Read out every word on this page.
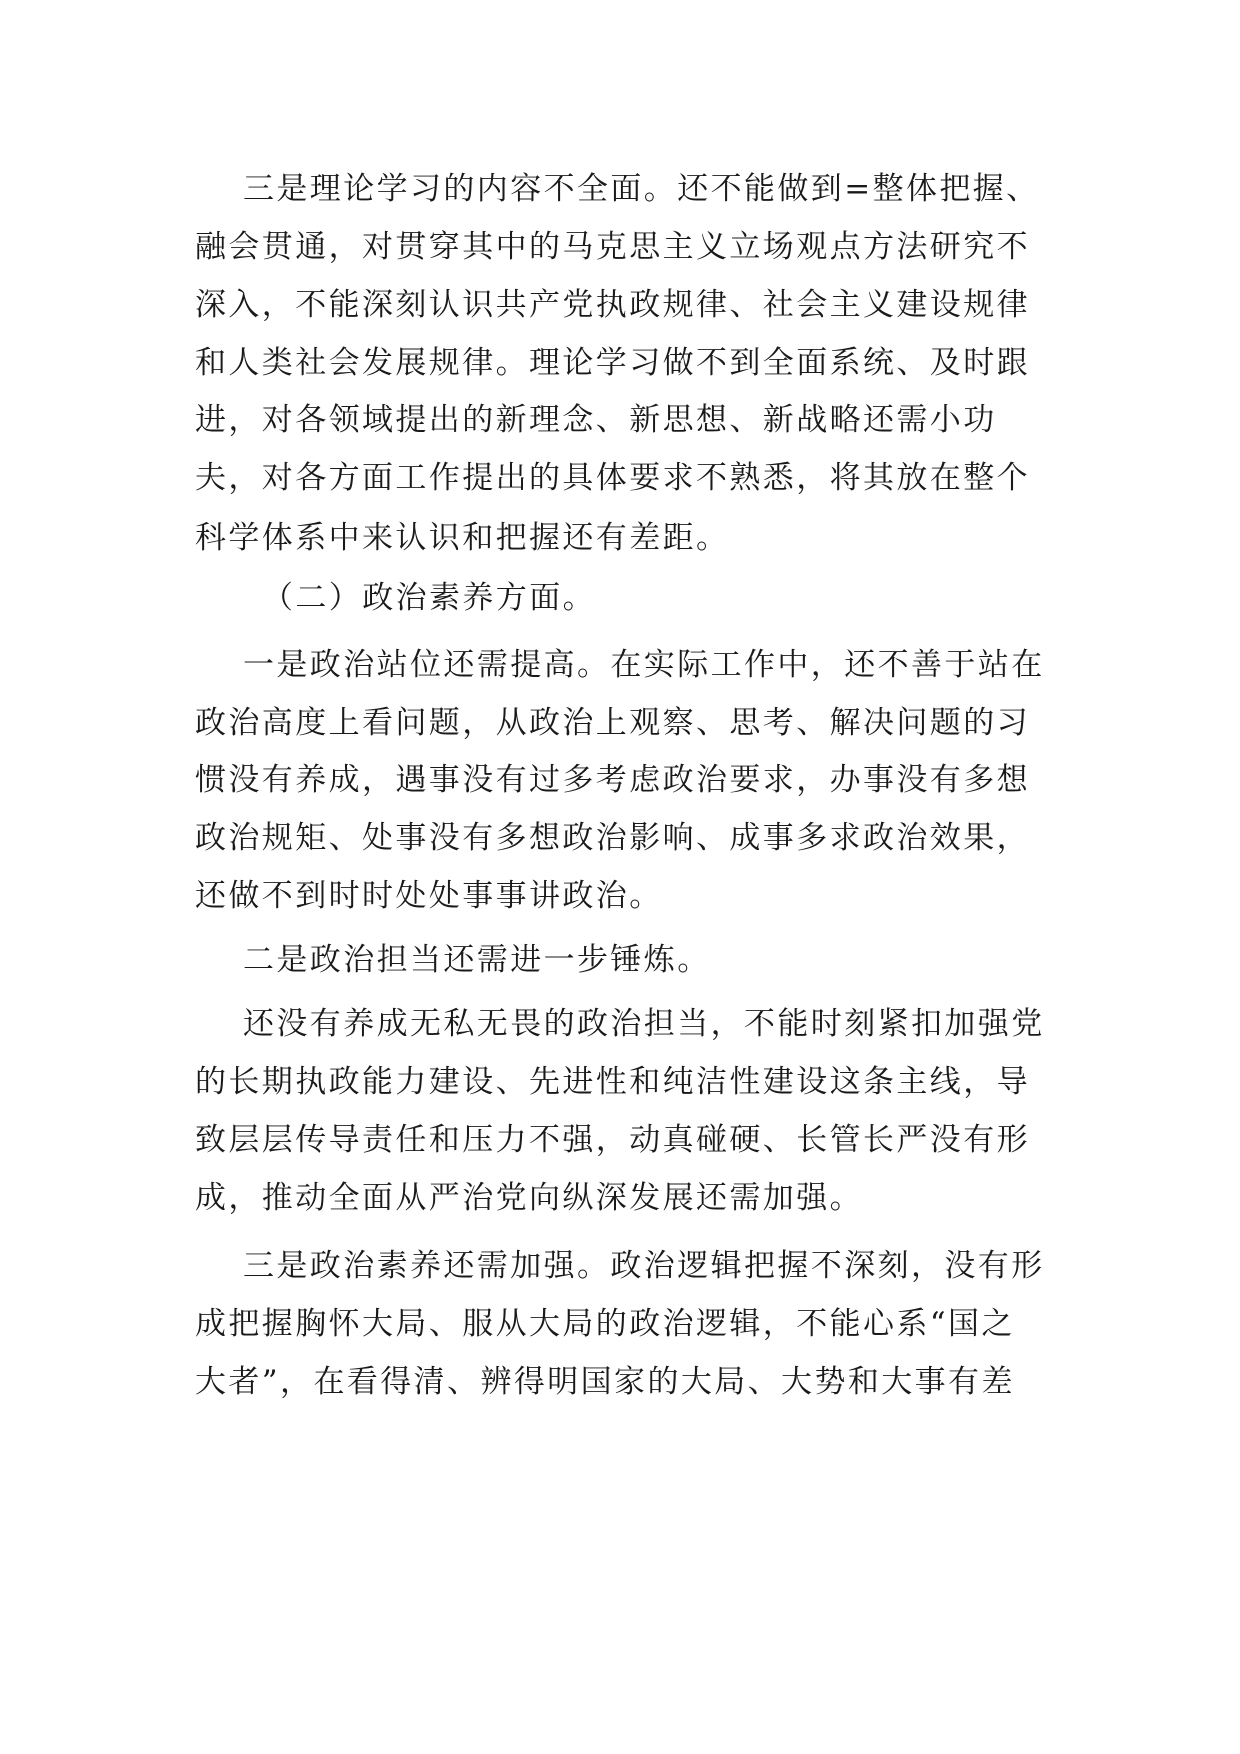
三是理论学习的内容不全面。还不能做到=整体把握、
融会贯通，对贯穿其中的马克思主义立场观点方法研究不
深入，不能深刻认识共产党执政规律、社会主义建设规律
和人类社会发展规律。理论学习做不到全面系统、及时跟
进，对各领域提出的新理念、新思想、新战略还需小功
夫，对各方面工作提出的具体要求不熟悉，将其放在整个
科学体系中来认识和把握还有差距。
（二）政治素养方面。
一是政治站位还需提高。在实际工作中，还不善于站在
政治高度上看问题，从政治上观察、思考、解决问题的习
惯没有养成，遇事没有过多考虑政治要求，办事没有多想
政治规矩、处事没有多想政治影响、成事多求政治效果，
还做不到时时处处事事讲政治。
二是政治担当还需进一步锤炼。
还没有养成无私无畏的政治担当，不能时刻紧扣加强党
的长期执政能力建设、先进性和纯洁性建设这条主线，导
致层层传导责任和压力不强，动真碰硬、长管长严没有形
成，推动全面从严治党向纵深发展还需加强。
三是政治素养还需加强。政治逻辑把握不深刻，没有形
成把握胸怀大局、服从大局的政治逻辑，不能心系“国之
大者”，在看得清、辨得明国家的大局、大势和大事有差
